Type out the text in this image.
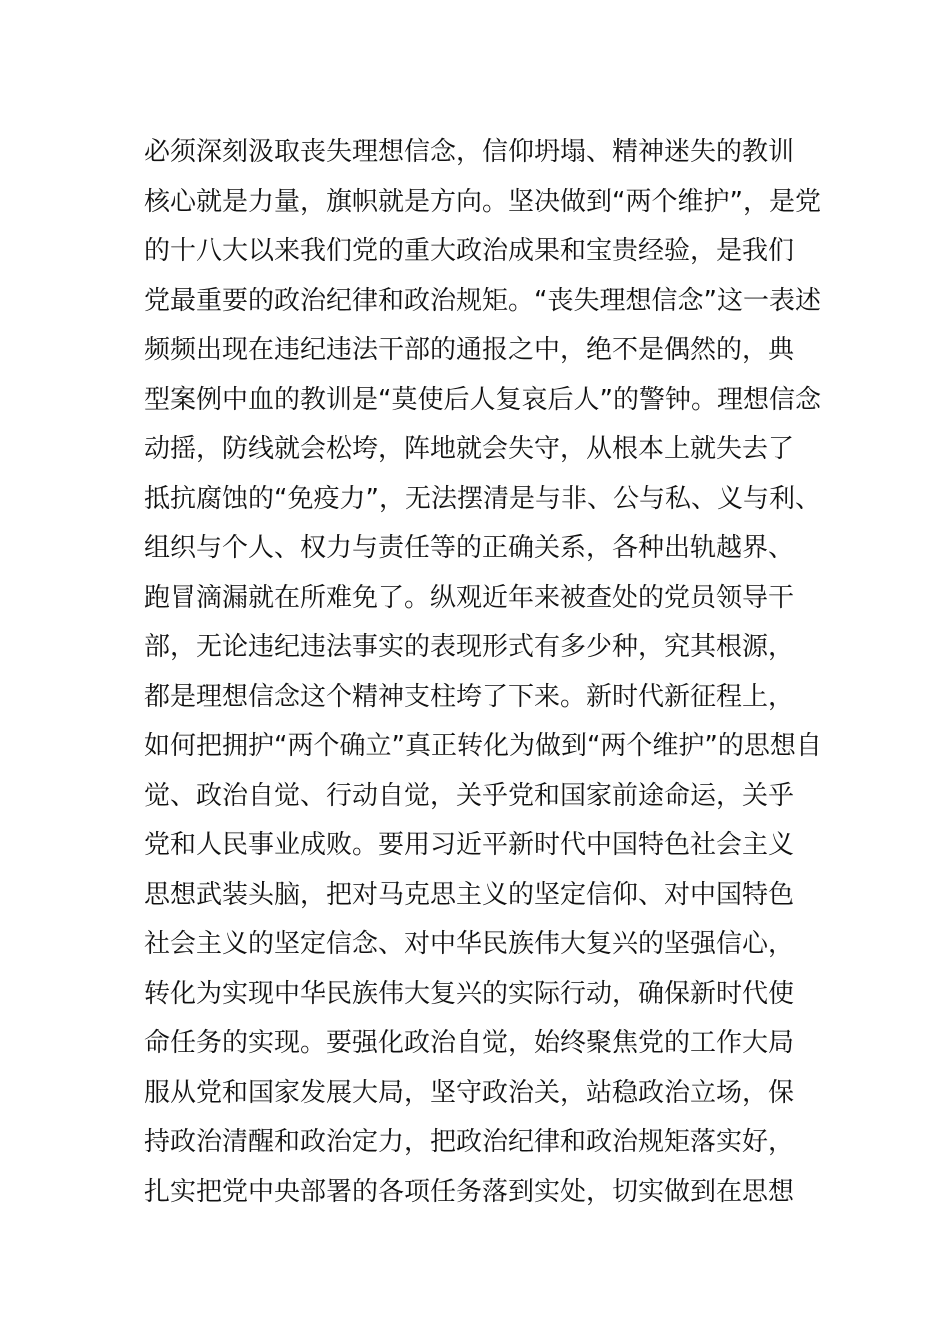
必须深刻汲取丧失理想信念，信仰坍塌、精神迷失的教训
核心就是力量，旗帜就是方向。坚决做到“两个维护”，是党
的十八大以来我们党的重大政治成果和宝贵经验，是我们
党最重要的政治纪律和政治规矩。“丧失理想信念”这一表述
频频出现在违纪违法干部的通报之中，绝不是偶然的，典
型案例中血的教训是“莫使后人复哀后人”的警钟。理想信念
动摇，防线就会松垮，阵地就会失守，从根本上就失去了
抵抗腐蚀的“免疫力”，无法摆清是与非、公与私、义与利、
组织与个人、权力与责任等的正确关系，各种出轨越界、
跑冒滴漏就在所难免了。纵观近年来被查处的党员领导干
部，无论违纪违法事实的表现形式有多少种，究其根源，
都是理想信念这个精神支柱垮了下来。新时代新征程上，
如何把拥护“两个确立”真正转化为做到“两个维护”的思想自
觉、政治自觉、行动自觉，关乎党和国家前途命运，关乎
党和人民事业成败。要用习近平新时代中国特色社会主义
思想武装头脑，把对马克思主义的坚定信仰、对中国特色
社会主义的坚定信念、对中华民族伟大复兴的坚强信心，
转化为实现中华民族伟大复兴的实际行动，确保新时代使
命任务的实现。要强化政治自觉，始终聚焦党的工作大局
服从党和国家发展大局，坚守政治关，站稳政治立场，保
持政治清醒和政治定力，把政治纪律和政治规矩落实好，
扎实把党中央部署的各项任务落到实处，切实做到在思想
